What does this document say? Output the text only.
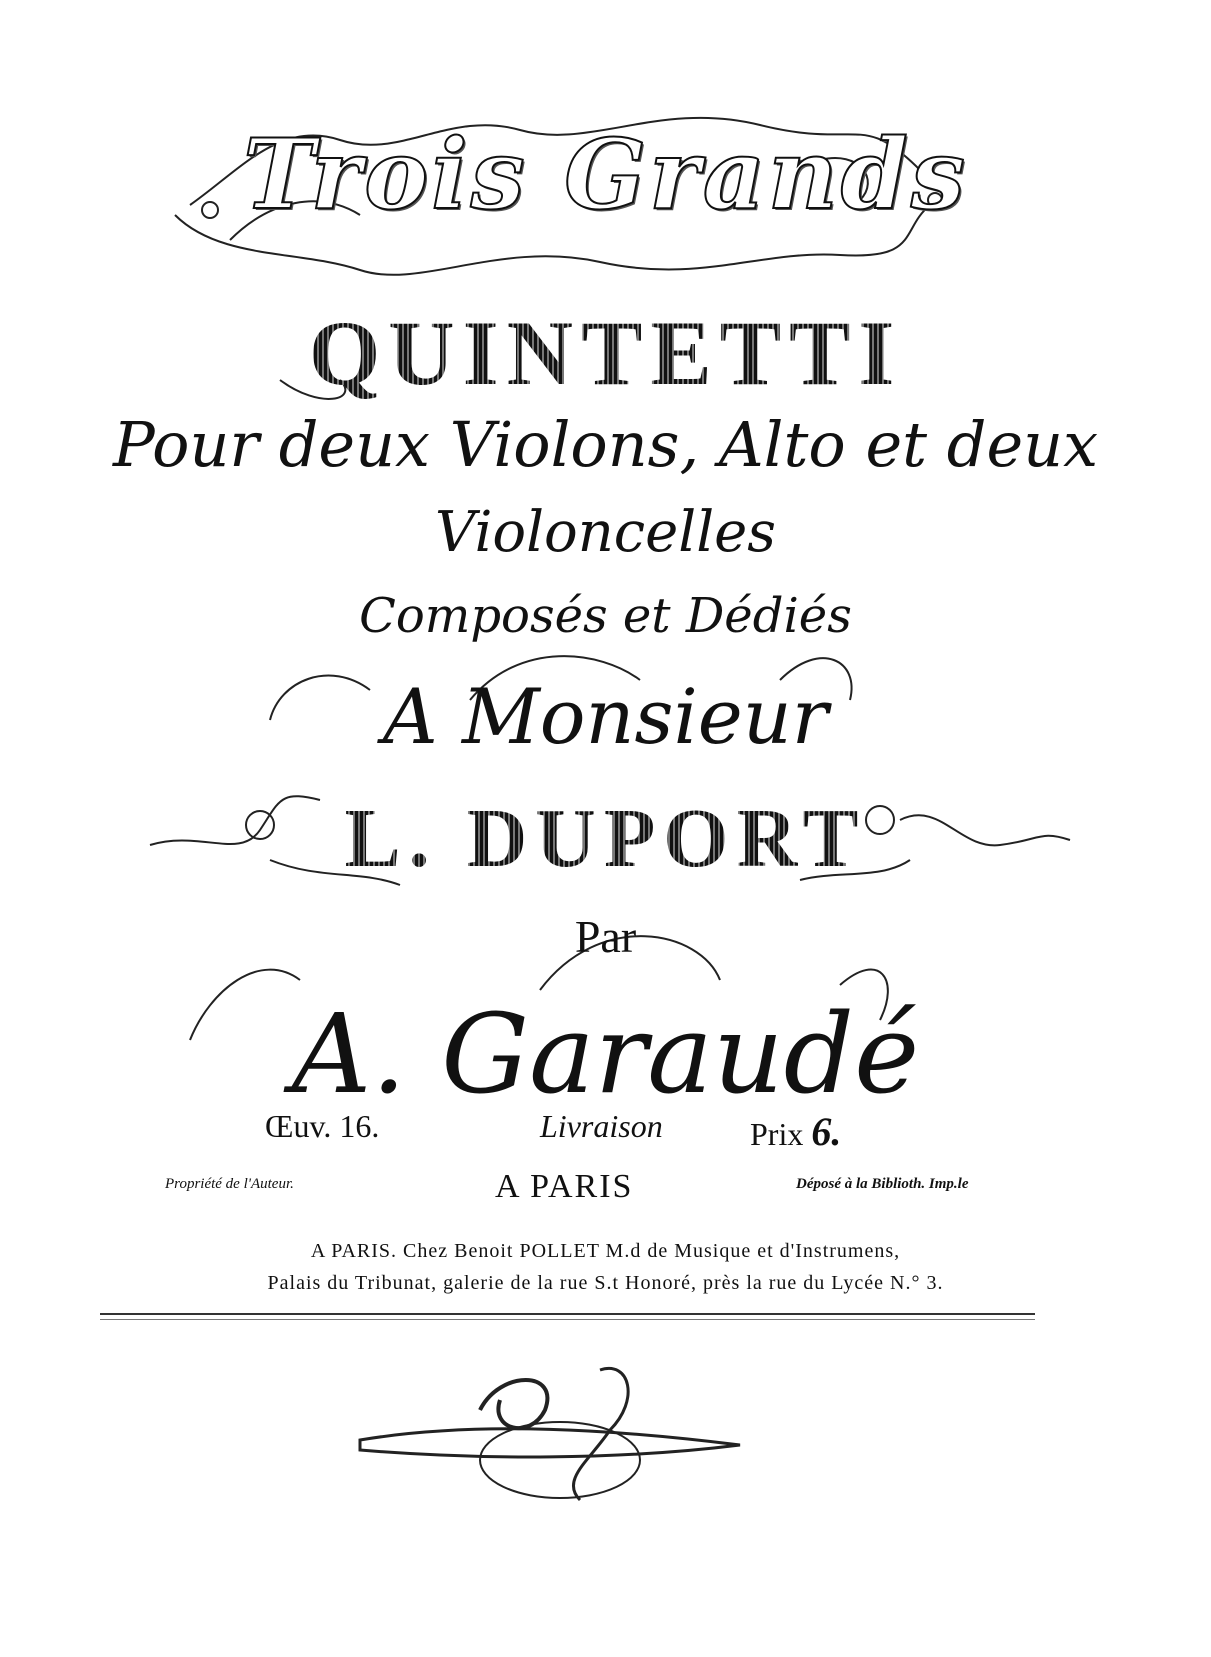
Trois Grands
QUINTETTI
Pour deux Violons, Alto et deux
Violoncelles
Composés et Dédiés
A Monsieur
L. DUPORT
Par
A. Garaudé
Œuv. 16.	Livraison	Prix 6.
Propriété de l'Auteur.	A PARIS	Déposé à la Biblioth. Imp.le
A PARIS. Chez Benoit POLLET M.d de Musique et d'Instrumens,
Palais du Tribunat, galerie de la rue S.t Honoré, près la rue du Lycée N.° 3.
